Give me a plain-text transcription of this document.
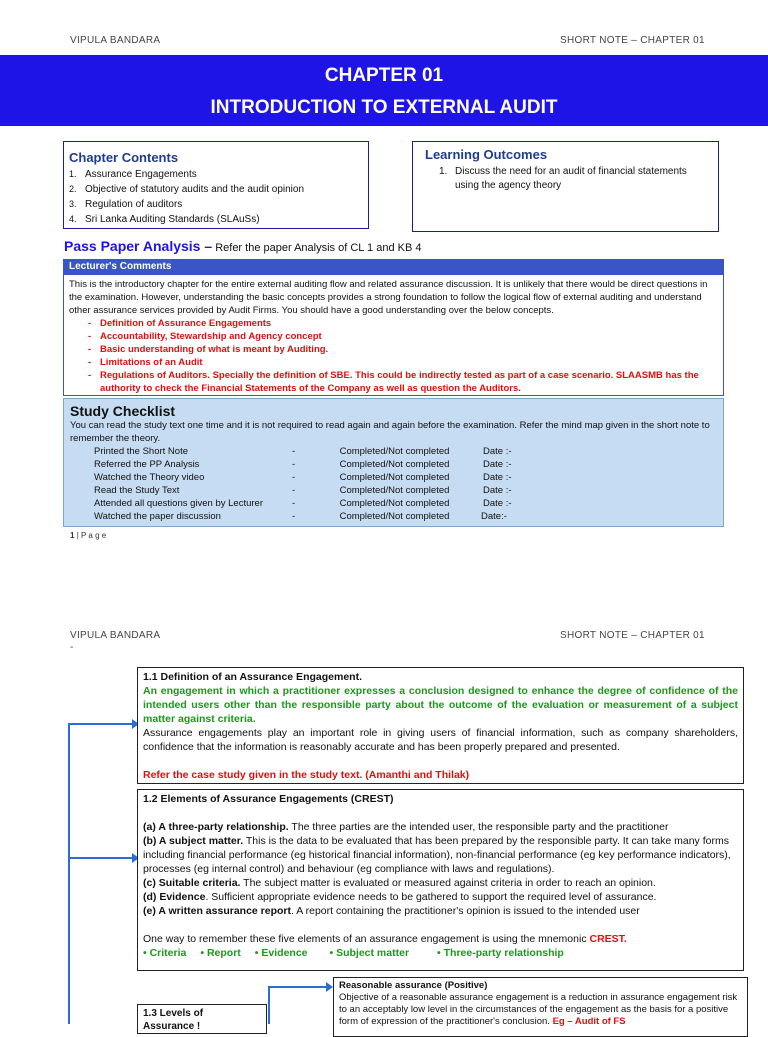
VIPULA BANDARA	SHORT NOTE – CHAPTER 01
CHAPTER 01
INTRODUCTION TO EXTERNAL AUDIT
Chapter Contents
1. Assurance Engagements
2. Objective of statutory audits and the audit opinion
3. Regulation of auditors
4. Sri Lanka Auditing Standards (SLAuSs)
Learning Outcomes
1. Discuss the need for an audit of financial statements
using the agency theory
Pass Paper Analysis – Refer the paper Analysis of CL 1 and KB 4
Lecturer's Comments
This is the introductory chapter for the entire external auditing flow and related assurance discussion. It is unlikely that there would be direct questions in the examination. However, understanding the basic concepts provides a strong foundation to follow the logical flow of external auditing and understand other assurance services provided by Audit Firms. You should have a good understanding over the below concepts.
- Definition of Assurance Engagements
- Accountability, Stewardship and Agency concept
- Basic understanding of what is meant by Auditing.
- Limitations of an Audit
- Regulations of Auditors. Specially the definition of SBE. This could be indirectly tested as part of a case scenario. SLAASMB has the authority to check the Financial Statements of the Company as well as question the Auditors.
Study Checklist
You can read the study text one time and it is not required to read again and again before the examination. Refer the mind map given in the short note to remember the theory.
Printed the Short Note	-	Completed/Not completed	Date :-
Referred the PP Analysis	-	Completed/Not completed	Date :-
Watched the Theory video	-	Completed/Not completed	Date :-
Read the Study Text	-	Completed/Not completed	Date :-
Attended all questions given by Lecturer	-	Completed/Not completed	Date :-
Watched the paper discussion	-	Completed/Not completed	Date:-
1 | P a g e
VIPULA BANDARA	SHORT NOTE – CHAPTER 01
-
1.1 Definition of an Assurance Engagement.
An engagement in which a practitioner expresses a conclusion designed to enhance the degree of confidence of the intended users other than the responsible party about the outcome of the evaluation or measurement of a subject matter against criteria.
Assurance engagements play an important role in giving users of financial information, such as company shareholders, confidence that the information is reasonably accurate and has been properly prepared and presented.
Refer the case study given in the study text. (Amanthi and Thilak)
1.2 Elements of Assurance Engagements (CREST)
(a) A three-party relationship. The three parties are the intended user, the responsible party and the practitioner
(b) A subject matter. This is the data to be evaluated that has been prepared by the responsible party. It can take many forms including financial performance (eg historical financial information), non-financial performance (eg key performance indicators), processes (eg internal control) and behaviour (eg compliance with laws and regulations).
(c) Suitable criteria. The subject matter is evaluated or measured against criteria in order to reach an opinion.
(d) Evidence. Sufficient appropriate evidence needs to be gathered to support the required level of assurance.
(e) A written assurance report. A report containing the practitioner's opinion is issued to the intended user
One way to remember these five elements of an assurance engagement is using the mnemonic CREST.
• Criteria • Report • Evidence • Subject matter	• Three-party relationship
1.3 Levels of
Assurance !
Reasonable assurance (Positive)
Objective of a reasonable assurance engagement is a reduction in assurance engagement risk to an acceptably low level in the circumstances of the engagement as the basis for a positive form of expression of the practitioner's conclusion. Eg – Audit of FS
